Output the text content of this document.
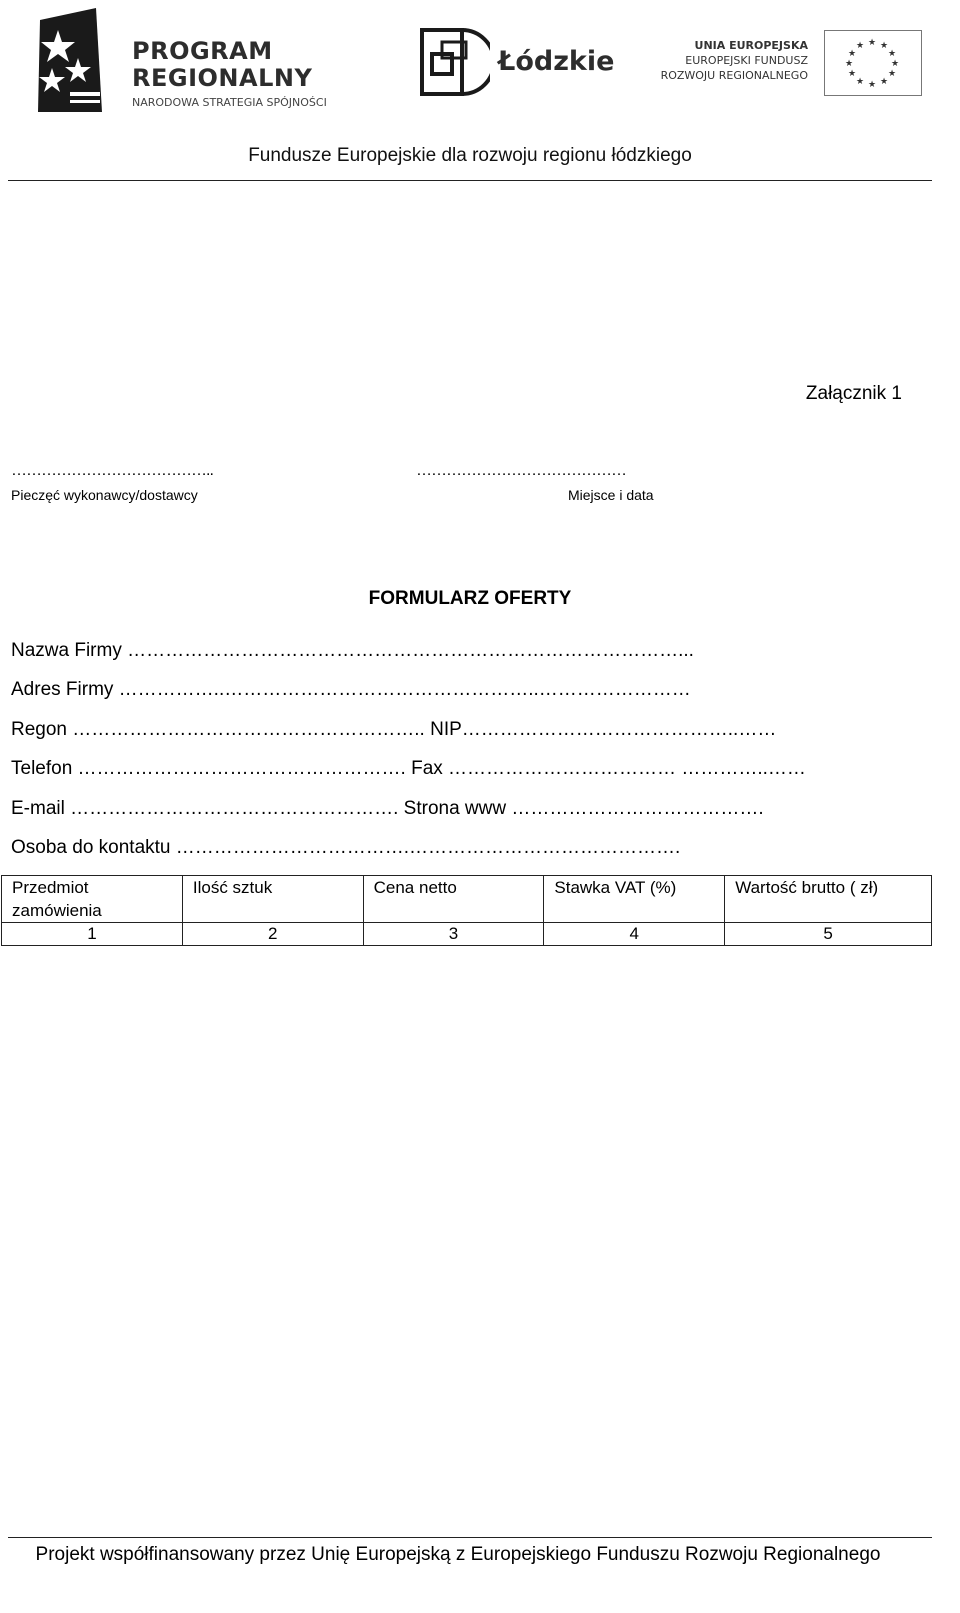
PROGRAM
REGIONALNY
NARODOWA STRATEGIA SPÓJNOŚCI
Łódzkie
UNIA EUROPEJSKA
EUROPEJSKI FUNDUSZ
ROZWOJU REGIONALNEGO
★ ★
★
★
★
★
★
★
★
★
★
★
Fundusze Europejskie dla rozwoju regionu łódzkiego
Załącznik 1
…………………………………..
Pieczęć wykonawcy/dostawcy
……………………………………
Miejsce i data
FORMULARZ OFERTY
Nazwa Firmy ……………………………………………………………………………...
Adres Firmy ……………..…………………………………………..……………………
Regon ……………………………………………….. NIP……………………………………..……
Telefon ……………………………………………. Fax ……………………………… …………..……
E-mail ……………………………………………. Strona www ………………………………….
Osoba do kontaktu ……………………………….…………………………………….
Przedmiot zamówienia	Ilość sztuk	Cena netto	Stawka VAT (%)	Wartość brutto ( zł)
1	2	3	4	5
Projekt współfinansowany przez Unię Europejską z Europejskiego Funduszu Rozwoju Regionalnego
